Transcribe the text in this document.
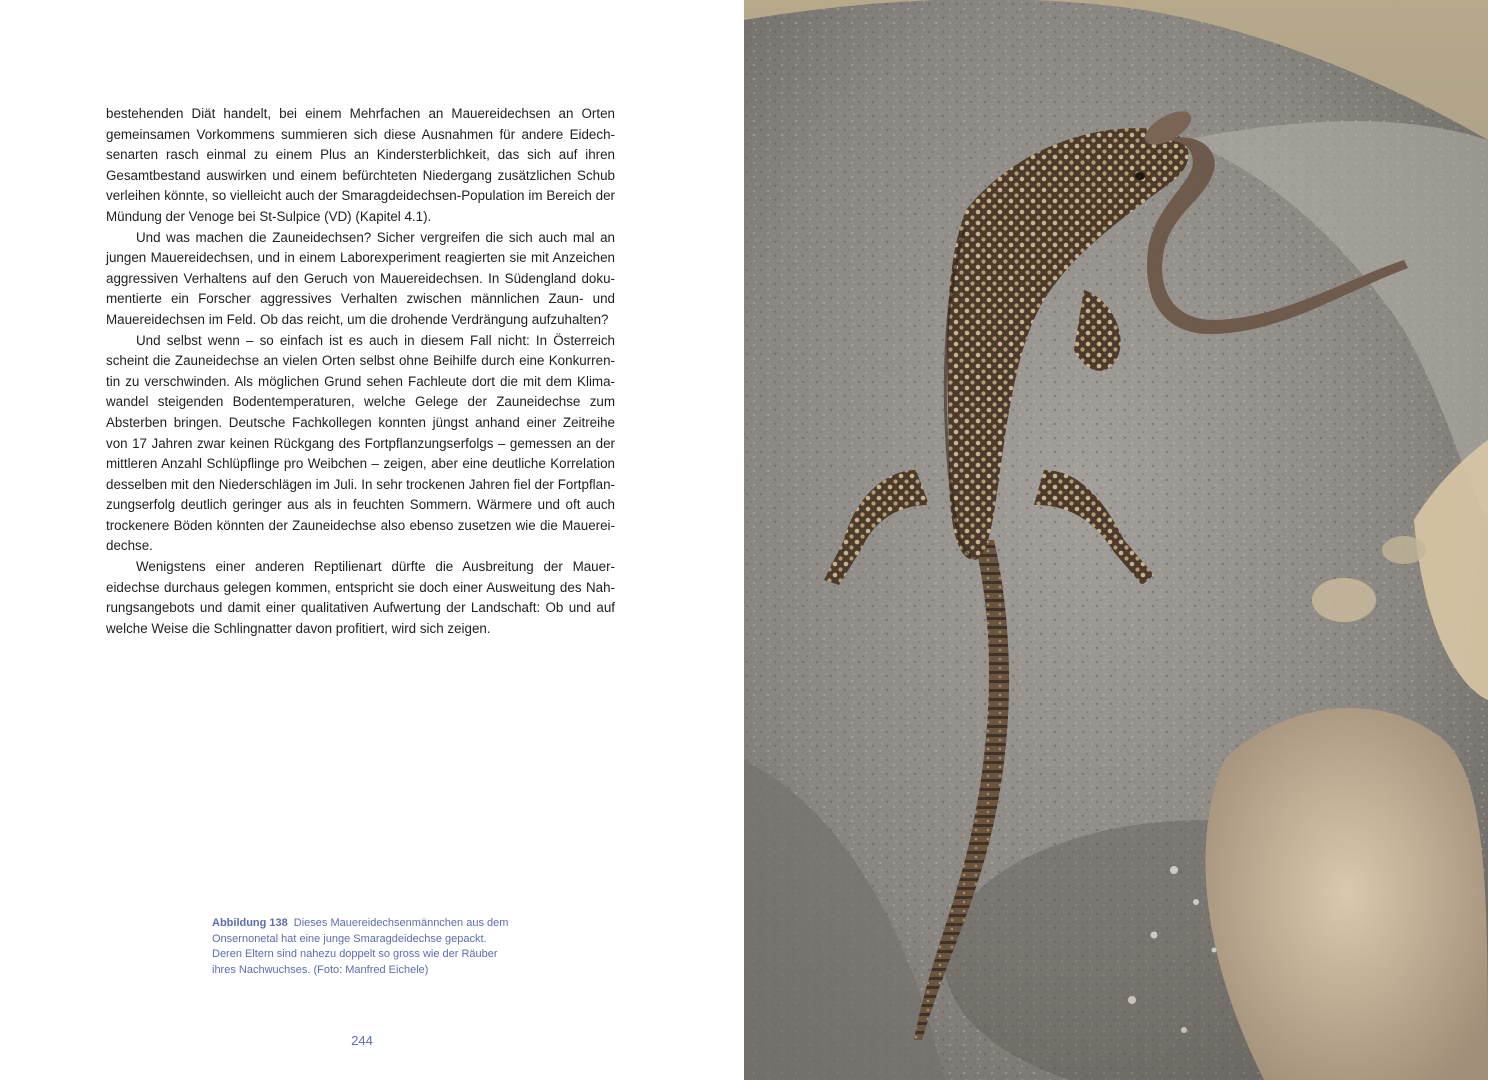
bestehenden Diät handelt, bei einem Mehrfachen an Mauereidechsen an Orten gemeinsamen Vorkommens summieren sich diese Ausnahmen für andere Eidechsenarten rasch einmal zu einem Plus an Kindersterblichkeit, das sich auf ihren Gesamtbestand auswirken und einem befürchteten Niedergang zusätzlichen Schub verleihen könnte, so vielleicht auch der Smaragdeidechsen-Population im Bereich der Mündung der Venoge bei St-Sulpice (VD) (Kapitel 4.1).

Und was machen die Zauneidechsen? Sicher vergreifen die sich auch mal an jungen Mauereidechsen, und in einem Laborexperiment reagierten sie mit Anzeichen aggressiven Verhaltens auf den Geruch von Mauereidechsen. In Südengland dokumentierte ein Forscher aggressives Verhalten zwischen männlichen Zaun- und Mauereidechsen im Feld. Ob das reicht, um die drohende Verdrängung aufzuhalten?

Und selbst wenn – so einfach ist es auch in diesem Fall nicht: In Österreich scheint die Zauneidechse an vielen Orten selbst ohne Beihilfe durch eine Konkurrentin zu verschwinden. Als möglichen Grund sehen Fachleute dort die mit dem Klimawandel steigenden Bodentemperaturen, welche Gelege der Zauneidechse zum Absterben bringen. Deutsche Fachkollegen konnten jüngst anhand einer Zeitreihe von 17 Jahren zwar keinen Rückgang des Fortpflanzungserfolgs – gemessen an der mittleren Anzahl Schlüpflinge pro Weibchen – zeigen, aber eine deutliche Korrelation desselben mit den Niederschlägen im Juli. In sehr trockenen Jahren fiel der Fortpflanzungserfolg deutlich geringer aus als in feuchten Sommern. Wärmere und oft auch trockenere Böden könnten der Zauneidechse also ebenso zusetzen wie die Mauereidechse.

Wenigstens einer anderen Reptilienart dürfte die Ausbreitung der Mauereidechse durchaus gelegen kommen, entspricht sie doch einer Ausweitung des Nahrungsangebots und damit einer qualitativen Aufwertung der Landschaft: Ob und auf welche Weise die Schlingnatter davon profitiert, wird sich zeigen.

Abbildung 138 Dieses Mauereidechsenmännchen aus dem Onsernonetal hat eine junge Smaragdeidechse gepackt. Deren Eltern sind nahezu doppelt so gross wie der Räuber ihres Nachwuchses. (Foto: Manfred Eichele)
244
